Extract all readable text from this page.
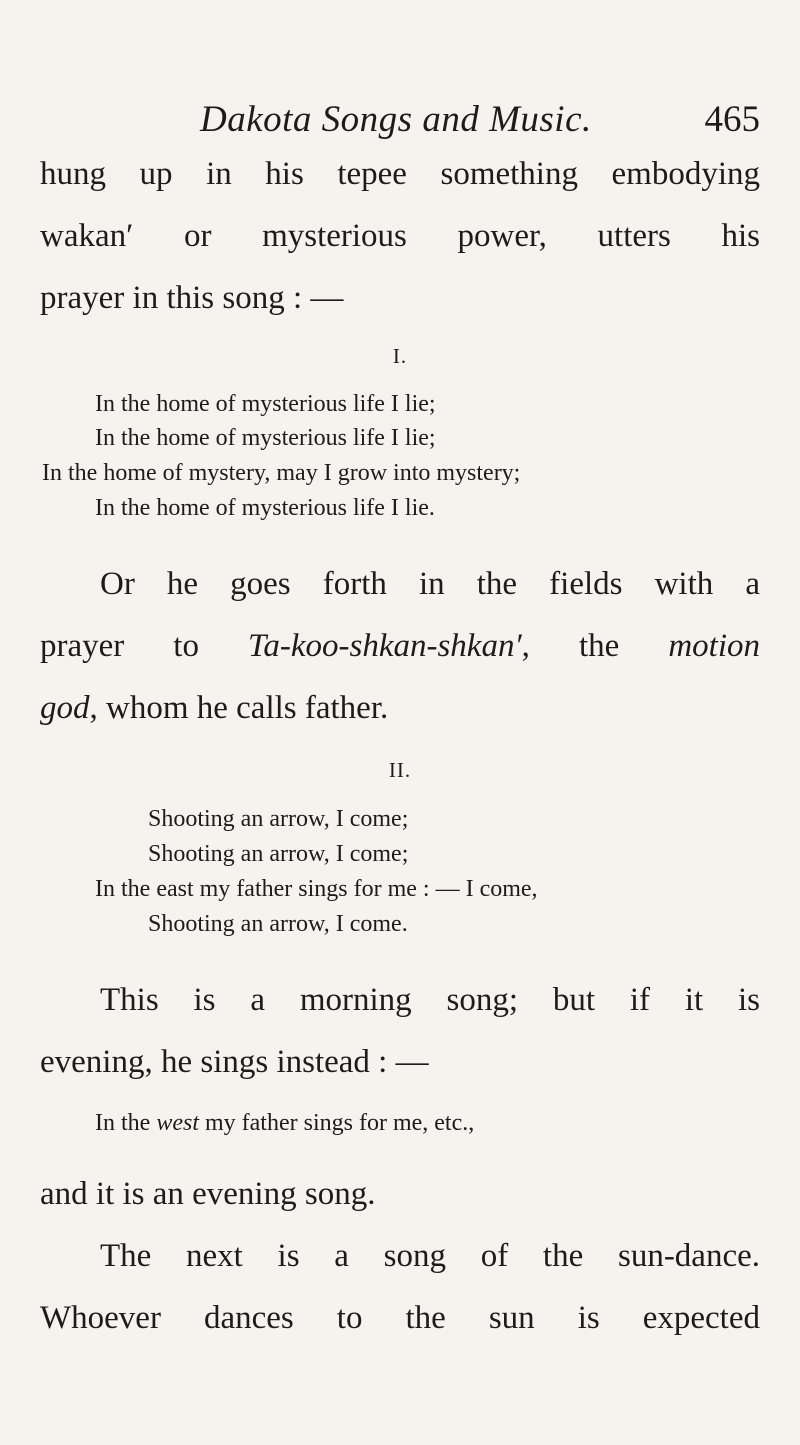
Dakota Songs and Music.	465
hung up in his tepee something embodying
wakan′ or mysterious power, utters his
prayer in this song : —
I.
In the home of mysterious life I lie;
In the home of mysterious life I lie;
In the home of mystery, may I grow into mystery;
In the home of mysterious life I lie.
Or he goes forth in the fields with a
prayer to Ta-koo-shkan-shkan′, the motion
god, whom he calls father.
II.
Shooting an arrow, I come;
Shooting an arrow, I come;
In the east my father sings for me : — I come,
Shooting an arrow, I come.
This is a morning song; but if it is
evening, he sings instead : —
In the west my father sings for me, etc.,
and it is an evening song.
The next is a song of the sun-dance.
Whoever dances to the sun is expected
